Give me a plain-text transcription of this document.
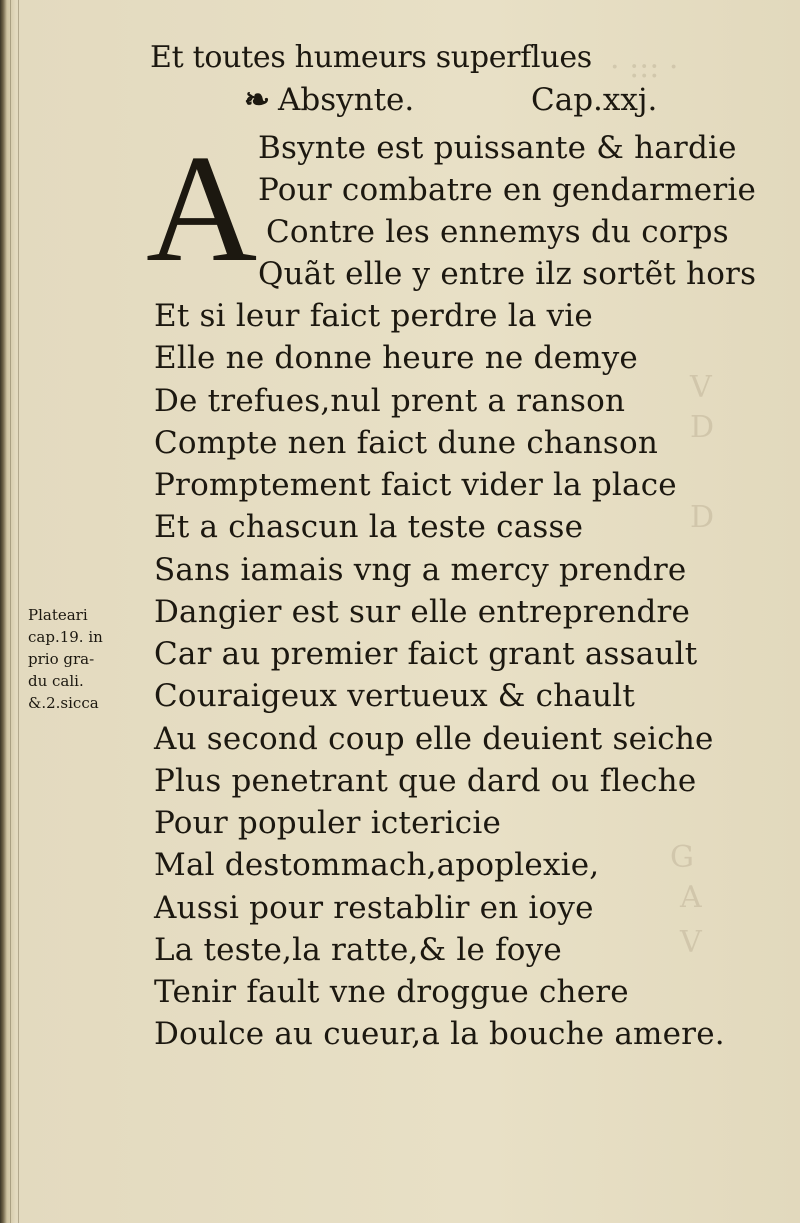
· ::: ·
V
D
D
G
A
V
Et toutes humeurs superflues
❧ Absynte.	Cap.xxj.
A Bsynte est puissante & hardie
Pour combatre en gendarmerie
Contre les ennemys du corps
Quãt elle y entre ilz sortẽt hors
Et si leur faict perdre la vie
Elle ne donne heure ne demye
De trefues,nul prent a ranson
Compte nen faict dune chanson
Promptement faict vider la place
Et a chascun la teste casse
Sans iamais vng a mercy prendre
Dangier est sur elle entreprendre
Car au premier faict grant assault
Couraigeux vertueux & chault
Au second coup elle deuient seiche
Plus penetrant que dard ou fleche
Pour populer ictericie
Mal destommach,apoplexie,
Aussi pour restablir en ioye
La teste,la ratte,& le foye
Tenir fault vne droggue chere
Doulce au cueur,a la bouche amere.
Plateari
cap.19. in
prio gra-
du cali.
&.2.sicca
